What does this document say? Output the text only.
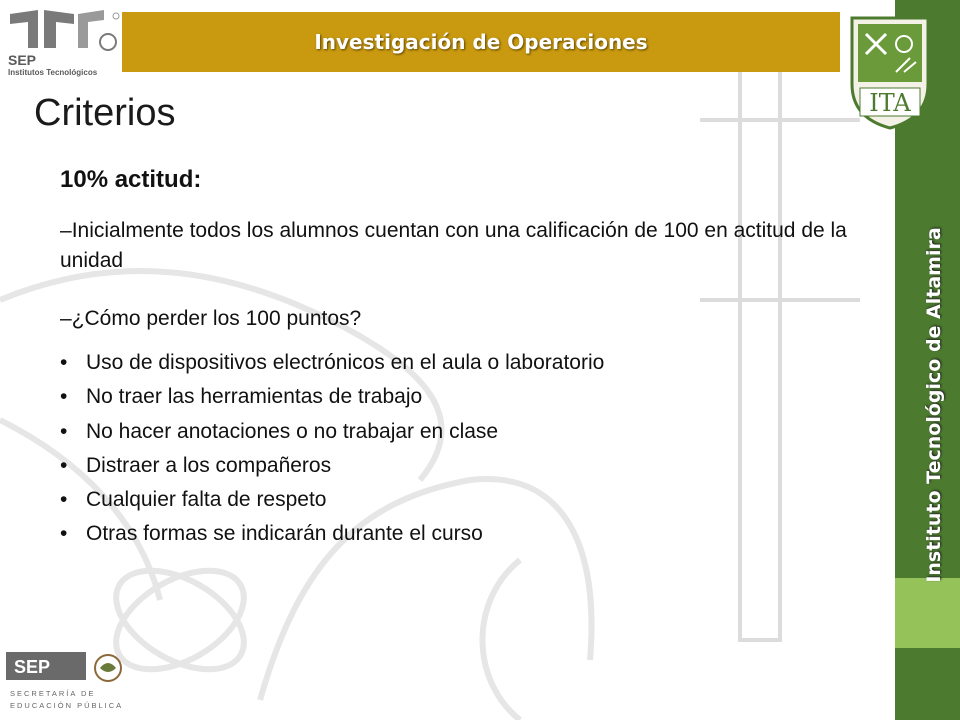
SEP
Institutos Tecnológicos
Investigación de Operaciones
Instituto Tecnológico de Altamira
ITA
Criterios
10% actitud:
–Inicialmente todos los alumnos cuentan con una calificación de 100 en actitud de la unidad
–¿Cómo perder los 100 puntos?
• Uso de dispositivos electrónicos en el aula o laboratorio
• No traer las herramientas de trabajo
• No hacer anotaciones o no trabajar en clase
• Distraer a los compañeros
• Cualquier falta de respeto
• Otras formas se indicarán durante el curso
SEP
SECRETARÍA DE
EDUCACIÓN PÚBLICA
